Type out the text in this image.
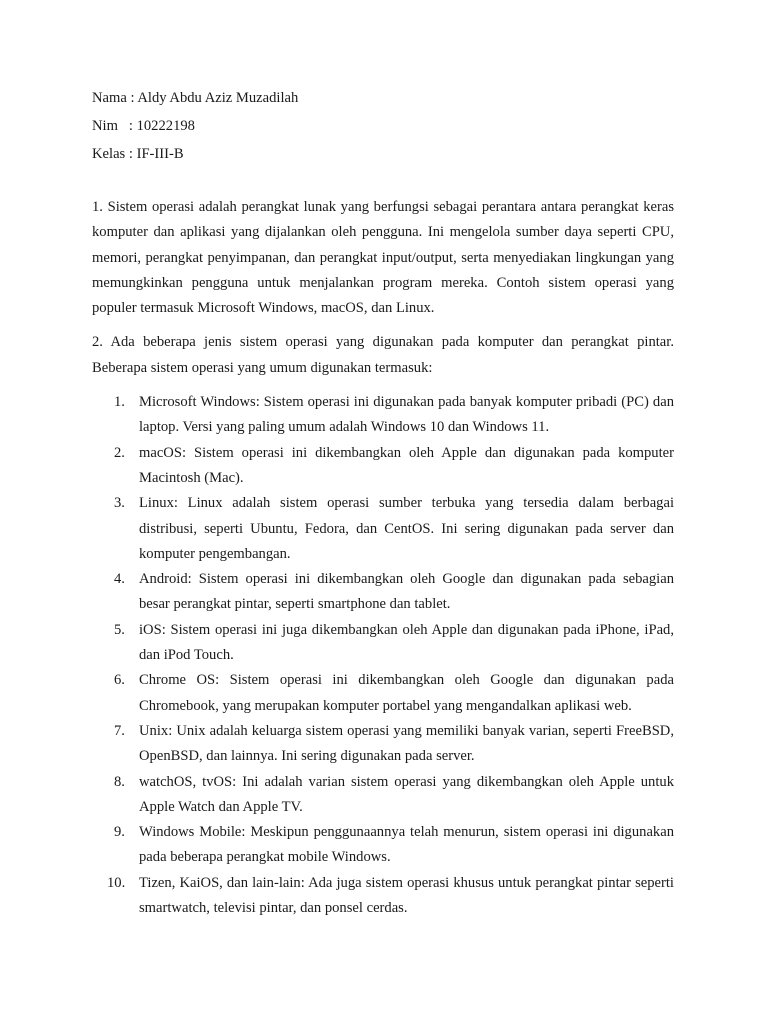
Nama : Aldy Abdu Aziz Muzadilah
Nim   : 10222198
Kelas : IF-III-B

1. Sistem operasi adalah perangkat lunak yang berfungsi sebagai perantara antara perangkat keras komputer dan aplikasi yang dijalankan oleh pengguna. Ini mengelola sumber daya seperti CPU, memori, perangkat penyimpanan, dan perangkat input/output, serta menyediakan lingkungan yang memungkinkan pengguna untuk menjalankan program mereka. Contoh sistem operasi yang populer termasuk Microsoft Windows, macOS, dan Linux.

2. Ada beberapa jenis sistem operasi yang digunakan pada komputer dan perangkat pintar. Beberapa sistem operasi yang umum digunakan termasuk:

1. Microsoft Windows: Sistem operasi ini digunakan pada banyak komputer pribadi (PC) dan laptop. Versi yang paling umum adalah Windows 10 dan Windows 11.
2. macOS: Sistem operasi ini dikembangkan oleh Apple dan digunakan pada komputer Macintosh (Mac).
3. Linux: Linux adalah sistem operasi sumber terbuka yang tersedia dalam berbagai distribusi, seperti Ubuntu, Fedora, dan CentOS. Ini sering digunakan pada server dan komputer pengembangan.
4. Android: Sistem operasi ini dikembangkan oleh Google dan digunakan pada sebagian besar perangkat pintar, seperti smartphone dan tablet.
5. iOS: Sistem operasi ini juga dikembangkan oleh Apple dan digunakan pada iPhone, iPad, dan iPod Touch.
6. Chrome OS: Sistem operasi ini dikembangkan oleh Google dan digunakan pada Chromebook, yang merupakan komputer portabel yang mengandalkan aplikasi web.
7. Unix: Unix adalah keluarga sistem operasi yang memiliki banyak varian, seperti FreeBSD, OpenBSD, dan lainnya. Ini sering digunakan pada server.
8. watchOS, tvOS: Ini adalah varian sistem operasi yang dikembangkan oleh Apple untuk Apple Watch dan Apple TV.
9. Windows Mobile: Meskipun penggunaannya telah menurun, sistem operasi ini digunakan pada beberapa perangkat mobile Windows.
10. Tizen, KaiOS, dan lain-lain: Ada juga sistem operasi khusus untuk perangkat pintar seperti smartwatch, televisi pintar, dan ponsel cerdas.
